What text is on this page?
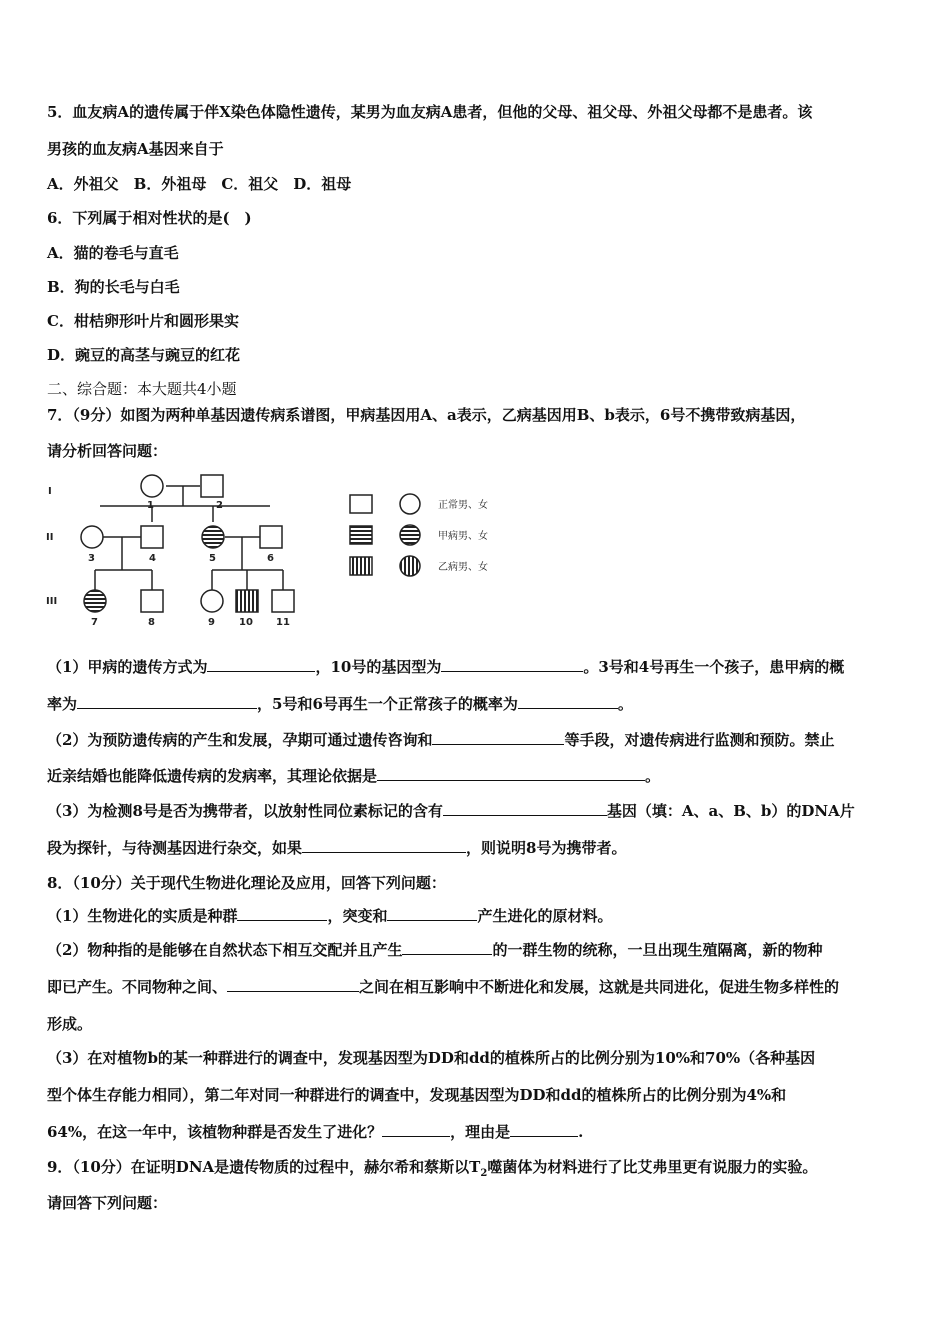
5．血友病A的遗传属于伴X染色体隐性遗传，某男为血友病A患者，但他的父母、祖父母、外祖父母都不是患者。该
男孩的血友病A基因来自于
A．外祖父　B．外祖母　C．祖父　D．祖母
6．下列属于相对性状的是(　)
A．猫的卷毛与直毛
B．狗的长毛与白毛
C．柑桔卵形叶片和圆形果实
D．豌豆的高茎与豌豆的红花
二、综合题：本大题共4小题
7．（9分）如图为两种单基因遗传病系谱图，甲病基因用A、a表示，乙病基因用B、b表示，6号不携带致病基因，
请分析回答问题：
I
II
III
1	2
3	4	5	6
7	8	9 10 11
正常男、女
甲病男、女
乙病男、女
（1）甲病的遗传方式为	，10号的基因型为	。3号和4号再生一个孩子，患甲病的概
率为	，5号和6号再生一个正常孩子的概率为	。
（2）为预防遗传病的产生和发展，孕期可通过遗传咨询和	等手段，对遗传病进行监测和预防。禁止
近亲结婚也能降低遗传病的发病率，其理论依据是	。
（3）为检测8号是否为携带者，以放射性同位素标记的含有	基因（填：A、a、B、b）的DNA片
段为探针，与待测基因进行杂交，如果	，则说明8号为携带者。
8．（10分）关于现代生物进化理论及应用，回答下列问题：
（1）生物进化的实质是种群	，突变和	产生进化的原材料。
（2）物种指的是能够在自然状态下相互交配并且产生	的一群生物的统称，一旦出现生殖隔离，新的物种
即已产生。不同物种之间、	之间在相互影响中不断进化和发展，这就是共同进化，促进生物多样性的
形成。
（3）在对植物b的某一种群进行的调查中，发现基因型为DD和dd的植株所占的比例分别为10%和70%（各种基因
型个体生存能力相同），第二年对同一种群进行的调查中，发现基因型为DD和dd的植株所占的比例分别为4%和
64%，在这一年中，该植物种群是否发生了进化？	，理由是	.
9．（10分）在证明DNA是遗传物质的过程中，赫尔希和蔡斯以$T_2$噬菌体为材料进行了比艾弗里更有说服力的实验。
请回答下列问题：
